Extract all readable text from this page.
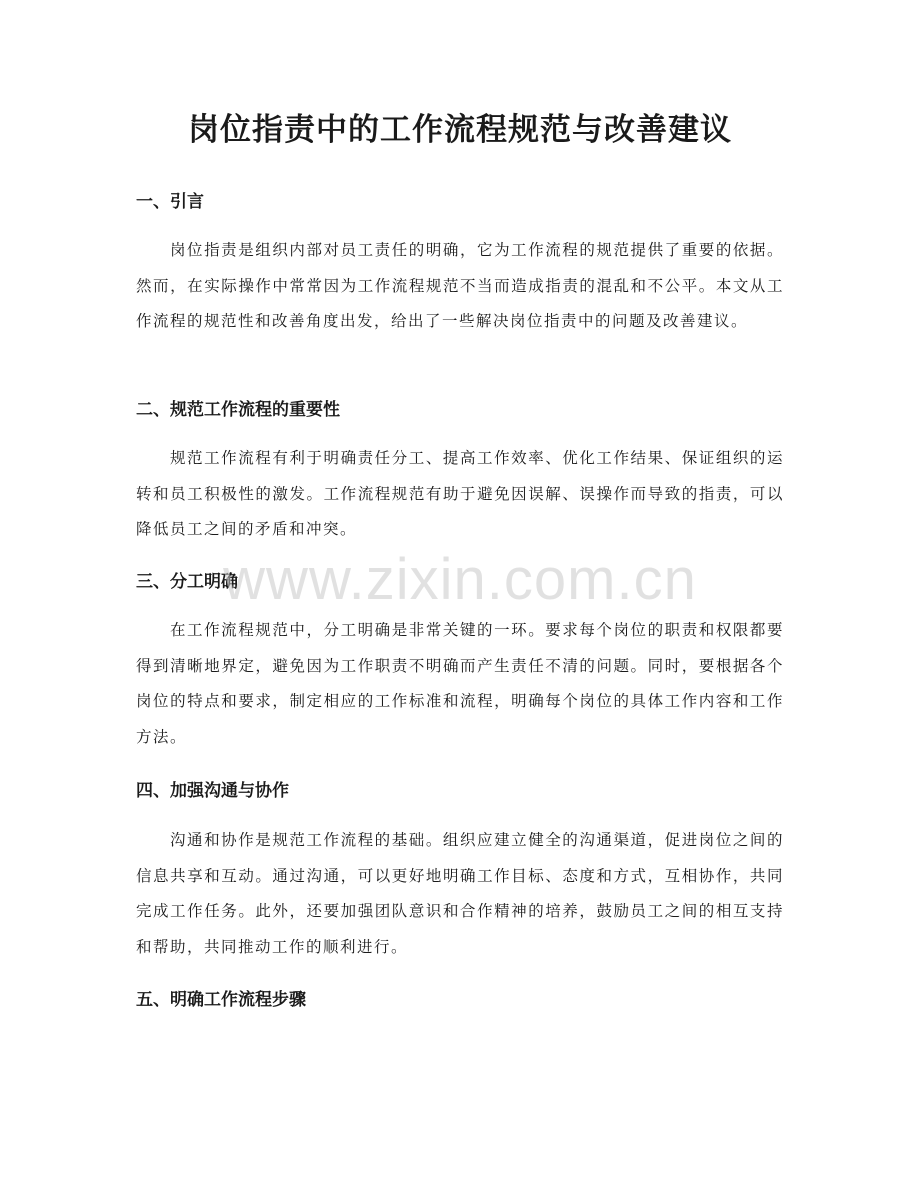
岗位指责中的工作流程规范与改善建议
一、引言

岗位指责是组织内部对员工责任的明确，它为工作流程的规范提供了重要的依据。然而，在实际操作中常常因为工作流程规范不当而造成指责的混乱和不公平。本文从工作流程的规范性和改善角度出发，给出了一些解决岗位指责中的问题及改善建议。

二、规范工作流程的重要性

规范工作流程有利于明确责任分工、提高工作效率、优化工作结果、保证组织的运转和员工积极性的激发。工作流程规范有助于避免因误解、误操作而导致的指责，可以降低员工之间的矛盾和冲突。

三、分工明确

在工作流程规范中，分工明确是非常关键的一环。要求每个岗位的职责和权限都要得到清晰地界定，避免因为工作职责不明确而产生责任不清的问题。同时，要根据各个岗位的特点和要求，制定相应的工作标准和流程，明确每个岗位的具体工作内容和工作方法。

四、加强沟通与协作

沟通和协作是规范工作流程的基础。组织应建立健全的沟通渠道，促进岗位之间的信息共享和互动。通过沟通，可以更好地明确工作目标、态度和方式，互相协作，共同完成工作任务。此外，还要加强团队意识和合作精神的培养，鼓励员工之间的相互支持和帮助，共同推动工作的顺利进行。

五、明确工作流程步骤
www.zixin.com.cn
